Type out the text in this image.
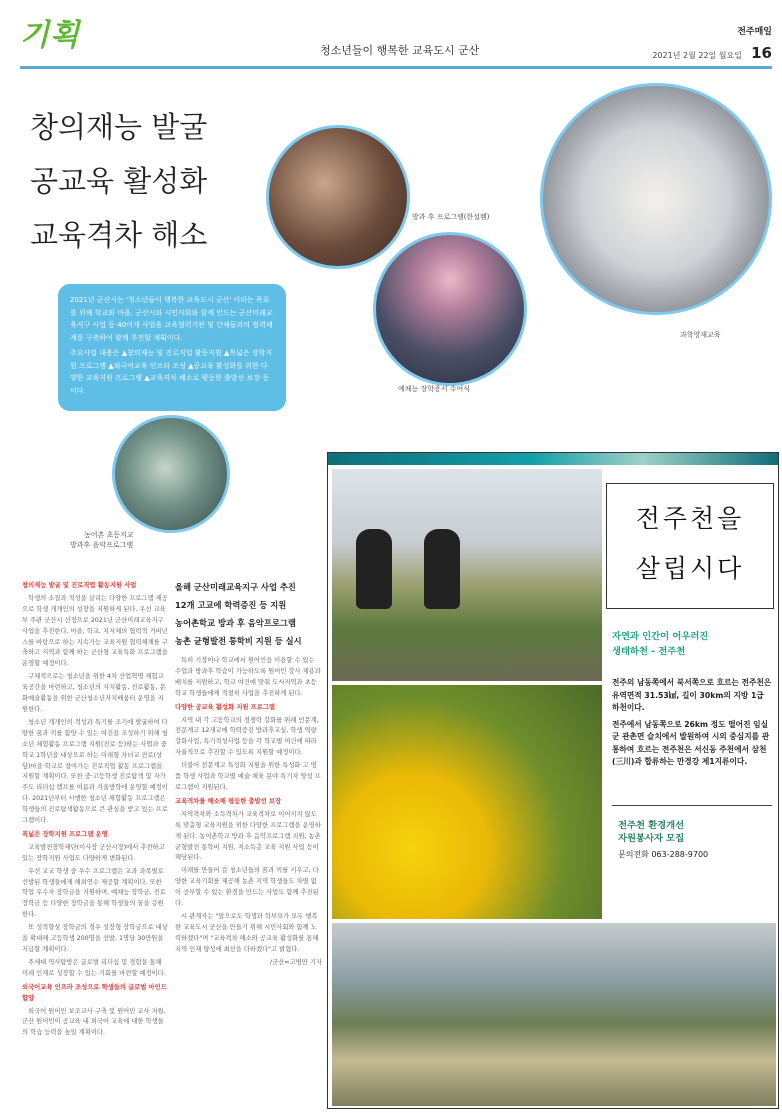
기획	청소년들이 행복한 교육도시 군산
전주매일
2021년 2월 22일 월요일 16
창의재능 발굴
공교육 활성화
교육격차 해소
방과 후 프로그램(한설렘)
과학영재교육
예체능 장학증서 수여식

2021년 군산시는 '청소년들이 행복한 교육도시 군산' 이라는 목표를 위해 학교와 마을, 군산시와 시민사회와 함께 만드는 군산미래교육지구 사업 등 40여개 사업을 교육협력기관 및 단체들과의 협력체계를 구축하여 함께 추진할 계획이다.

주요사업 내용은 ▲창의재능 및 진로직업 활동지원 ▲목넓은 장학지원 프로그램 ▲외국어교육 인프라 조성 ▲공교육 활성화를 위한 다양한 교육지원 프로그램 ▲교육격차 해소로 평등한 출발선 보장 등이다.

농어촌 초등지교
방과후 음악프로그램
창의재능 발굴 및 진로직업 활동지원 사업
학생의 소질과 적성을 살리는 다양한 프로그램 제공으로 학생 개개인의 성장을 지원하게 된다. 우선 교육부 주관 군산시 선정으로 2021년 군산미래교육지구 사업을 추진한다. 마을, 학교, 지자체의 협력적 거버넌스를 바탕으로 하는 지속가능 교육지원 협력체계를 구축하고 지역과 함께 하는 군산형 교육특화 프로그램을 운영할 예정이다.
구체적으로는 청소년을 위한 4차 산업혁명 체험교육공간을 마련하고, 청소년의 자치활동, 진로활동, 문화예술활동을 위한 군산청소년자치배움터 운영을 지원한다.
청소년 개개인의 적성과 특기를 조기에 발굴하여 다양한 꿈과 끼를 함양 수 있는 여건을 조성하기 위해 청소년 체험활동 프로그램 지원(진로 등)하는 사업과 중학교 1학년을 대상으로 하는 미래형 자녀교 진로(상담)마을 학교로 참여가는 진로직업 활동 프로그램을 지원할 계획이다. 또한 중·고등학생 진로탐색 및 자가주도 리더십 캠프를 여름과 겨울방학에 운영할 예정이다. 2021년부터 시행한 청소년 체험활동 프로그램은 학생들의 진로탐색활동으로 큰 관심을 받고 있는 프로그램이다.
폭넓은 장학지원 프로그램 운영
교육발전장학재단(이사장 군산시장)에서 추진하고 있는 장학지원 사업도 다양하게 변화된다.
우선 교교 학생 중 우수 프로그램은 교과 과목별로 선발된 학생들에게 해외연수 제공할 계획이다. 또한 학업 우수자 장학금을 지원하며, 예체능 장학금, 진로 장학금 등 다양한 장학금을 통해 학생들의 꿈을 응원한다.
또 성적향상 장학금의 경우 성장형 장학금으로 대상을 확대해 고등학생 200명을 선발, 1명당 30만원을 지급할 계획이다.
주세대 역사탐방은 글로벌 리더십 및 경험을 통해 미래 인재로 성장할 수 있는 기회를 마련할 예정이다.
외국어교육 인프라 조성으로 학생들의 글로벌 마인드 함양
외국어 원어민 보조교사 구축 및 원어민 교사 지원, 군산 원어민이 공교육 내 외국어 교육에 대한 학생들의 학습 능력을 높일 계획이다.
올해 군산미래교육지구 사업 추진
12개 고교에 학력증진 등 지원
농어촌학교 방과 후 음악프로그램
농촌 균형발전 통학비 지원 등 실시
특히 기장이나 학교에서 원어민을 이용할 수 있는 수업과 방과후 학습이 가능하도록 원어민 강사 채용과 배치를 지원하고, 학교 여건에 맞춰 도서지역과 초등학교 학생들에게 적절히 사업을 추진하게 된다.
다양한 공교육 활성화 지원 프로그램
지역 내 각 고등학교의 경쟁력 강화를 위해 인문계, 전문계고 12개교에 학력증진 방과후교실, 학생 역량강화사업, 특기적성사업 등을 각 학교별 여건에 따라 자율적으로 추진할 수 있도록 지원할 예정이다.
더불어 전문계고 특성화 지원을 위한 특성화 고 명품 학생 사업과 학교별 예술·체육 분야 특기자 양성 프로그램이 지원된다.
교육격차를 해소해 평등한 출발선 보장
지역격차와 소득격차가 교육격차로 이어지지 않도록 맞춤형 교육지원을 위한 다양한 프로그램을 운영하게 된다. 농어촌학교 방과 후 음악프로그램 지원, 농촌 균형발전 통학비 지원, 저소득층 교육 지원 사업 등이 해당된다.
미래를 만들어 갈 청소년들의 꿈과 끼를 키우고, 다양한 교육기회를 제공해 농촌 지역 학생들도 차별 없이 공부할 수 있는 환경을 만드는 사업도 함께 추진된다.
시 관계자는 "앞으로도 학생과 학부모가 모두 행복한 교육도시 군산을 만들기 위해 시민사회와 함께 노력하겠다"며 "교육격차 해소와 공교육 활성화를 통해 지역 인재 양성에 최선을 다하겠다"고 밝혔다.
/군산=고병만 기자
전주천을
살립시다
자연과 인간이 어우러진
생태하천 - 전주천

전주의 남동쪽에서 북서쪽으로 흐르는 전주천은 유역면적 31.53㎢, 길이 30km의 지방 1급 하천이다.

전주에서 남동쪽으로 26km 정도 떨어진 임실군 관촌면 슬치에서 발원하여 시의 중심지를 관통하여 흐르는 전주천은 서신동 주천에서 삼천(三川)과 합류하는 만경강 제1지류이다.

전주천 환경개선
자원봉사자 모집
문의전화 063-288-9700
